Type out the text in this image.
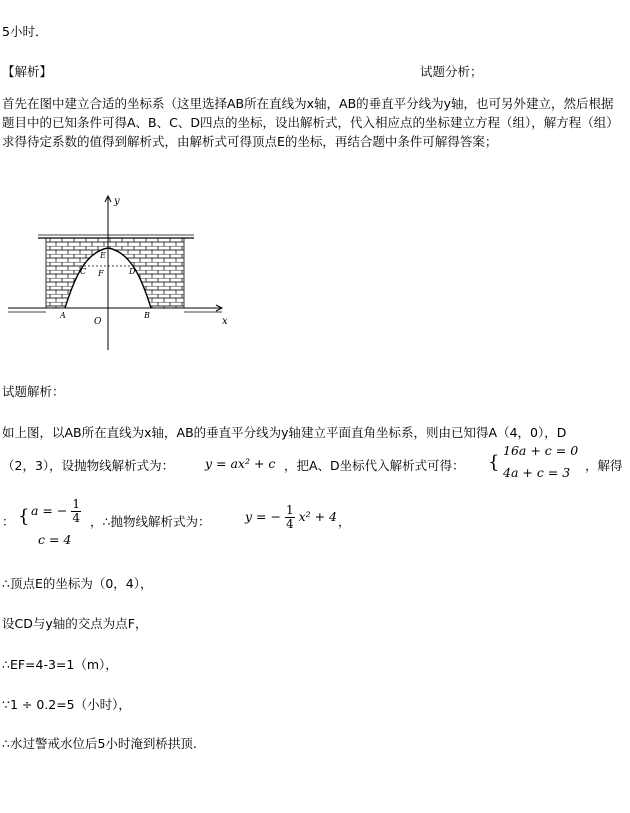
5小时．
【解析】	试题分析；
首先在图中建立合适的坐标系（这里选择AB所在直线为x轴，AB的垂直平分线为y轴，也可另外建立，然后根据题目中的已知条件可得A、B、C、D四点的坐标，设出解析式，代入相应点的坐标建立方程（组），解方程（组）求得待定系数的值得到解析式，由解析式可得顶点E的坐标，再结合题中条件可解得答案；
y
x
E
F
C	D
A	B
O
试题解析：
如上图，以AB所在直线为x轴，AB的垂直平分线为y轴建立平面直角坐标系，则由已知得A（4，0），D
（2，3），设抛物线解析式为： y = ax² + c ，把A、D坐标代入解析式可得： {
16a + c = 0
4a + c = 3 ，解得
： { a = − $\frac{1}{4}$
c = 4
，∴抛物线解析式为：	y = − $\frac{1}{4} x^2 + 4$ ，
∴顶点E的坐标为（0，4），
设CD与y轴的交点为点F，
∴EF=4-3=1（m），
∵1 ÷ 0.2=5（小时），
∴水过警戒水位后5小时淹到桥拱顶.
